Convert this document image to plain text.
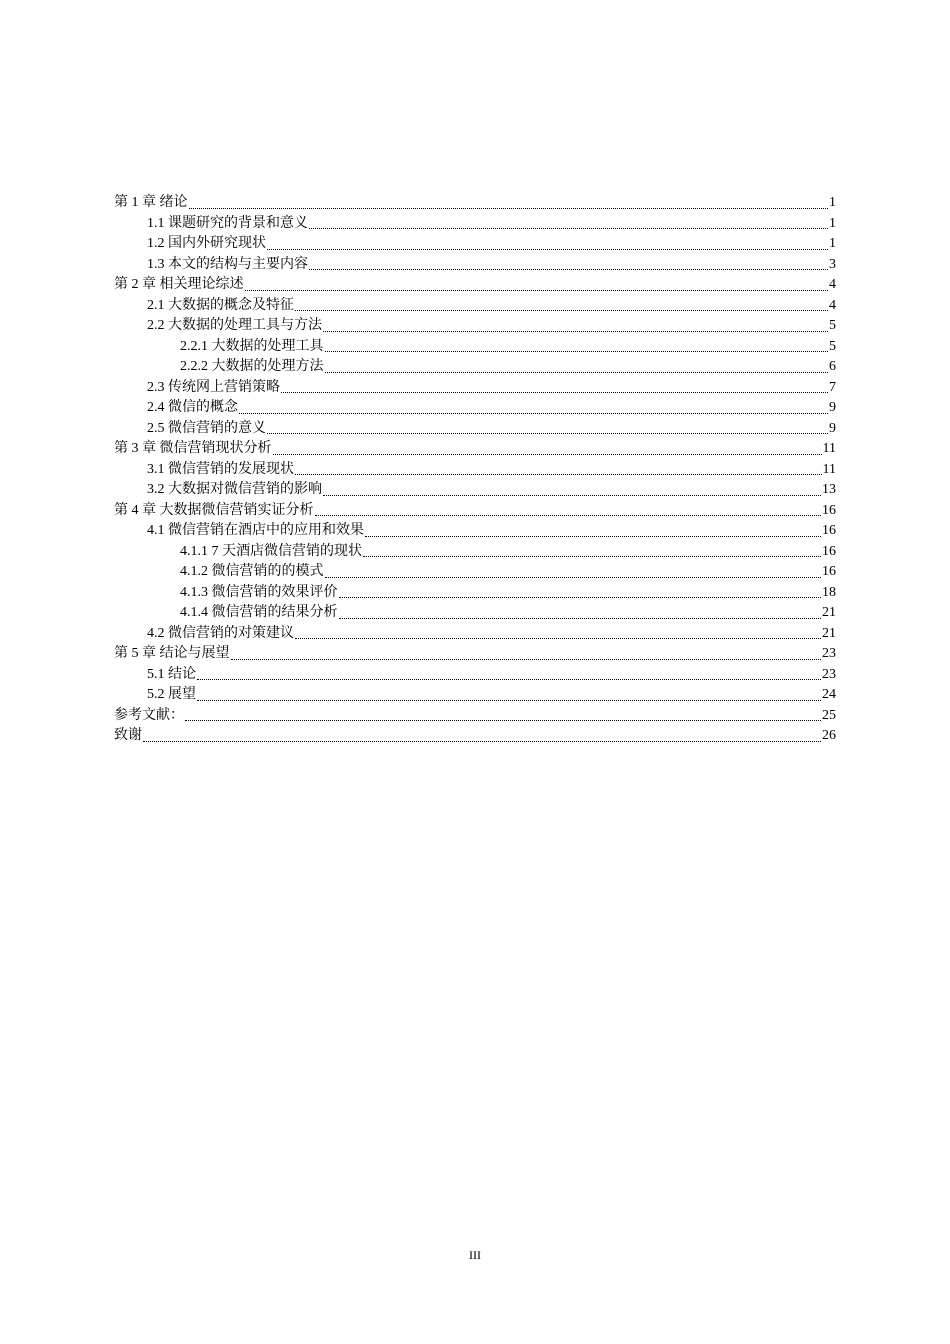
第 1 章 绪论	1
1.1 课题研究的背景和意义	1
1.2 国内外研究现状	1
1.3 本文的结构与主要内容	3
第 2 章 相关理论综述	4
2.1 大数据的概念及特征	4
2.2 大数据的处理工具与方法	5
2.2.1 大数据的处理工具	5
2.2.2 大数据的处理方法	6
2.3 传统网上营销策略	7
2.4 微信的概念	9
2.5 微信营销的意义	9
第 3 章 微信营销现状分析	11
3.1 微信营销的发展现状	11
3.2 大数据对微信营销的影响	13
第 4 章 大数据微信营销实证分析	16
4.1 微信营销在酒店中的应用和效果	16
4.1.1 7 天酒店微信营销的现状	16
4.1.2 微信营销的的模式	16
4.1.3 微信营销的效果评价	18
4.1.4 微信营销的结果分析	21
4.2 微信营销的对策建议	21
第 5 章 结论与展望	23
5.1 结论	23
5.2 展望	24
参考文献：	25
致谢	26
III
